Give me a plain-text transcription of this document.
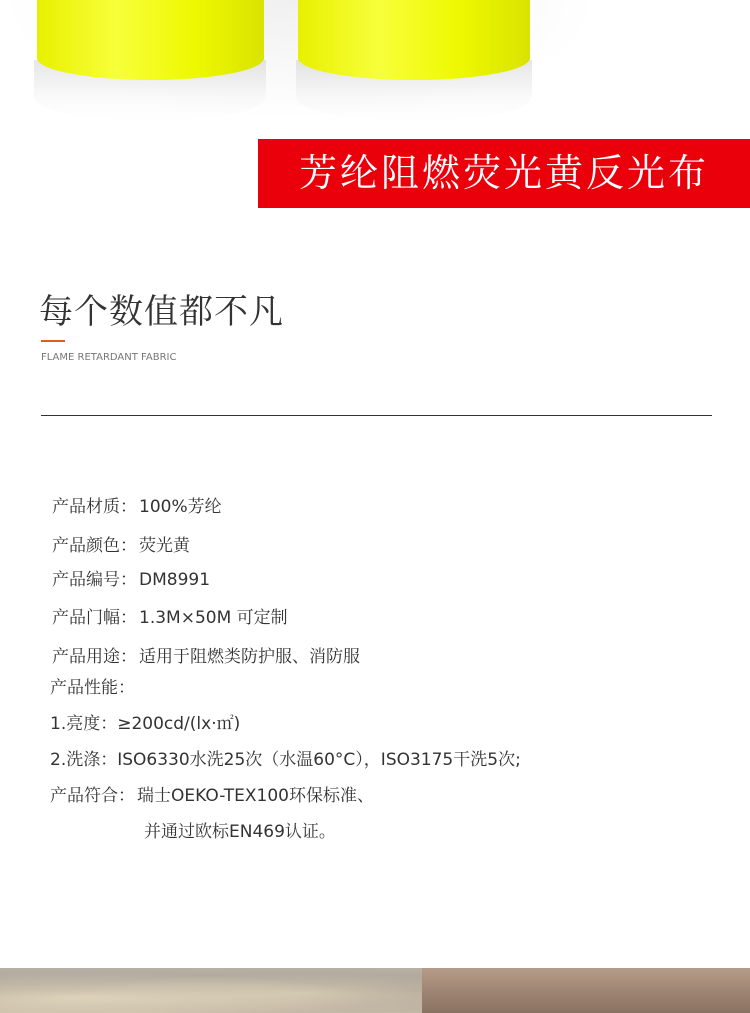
芳纶阻燃荧光黄反光布
每个数值都不凡
FLAME RETARDANT FABRIC
产品材质： 100%芳纶
产品颜色： 荧光黄
产品编号： DM8991
产品门幅： 1.3M×50M 可定制
产品用途： 适用于阻燃类防护服、消防服
产品性能：
1.亮度：≥200cd/(lx·㎡)
2.洗涤：ISO6330水洗25次（水温60°C），ISO3175干洗5次;
产品符合： 瑞士OEKO-TEX100环保标准、
并通过欧标EN469认证。
